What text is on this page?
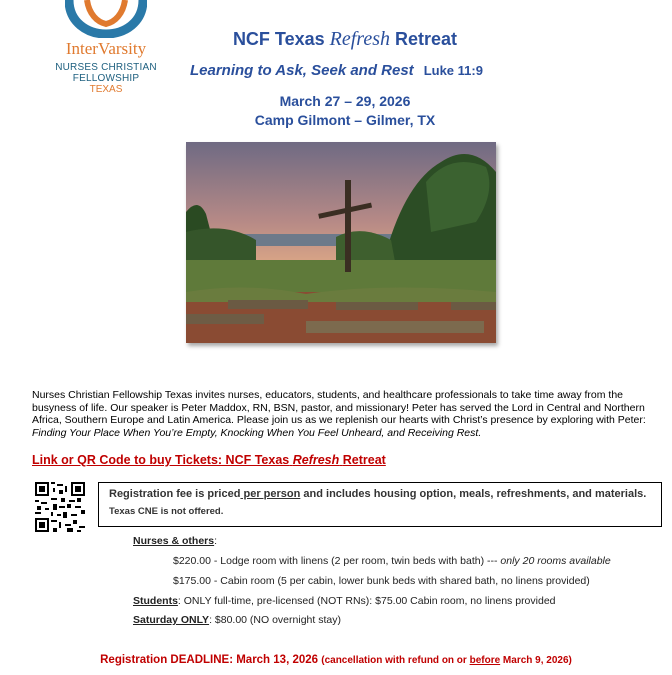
InterVarsity
NURSES CHRISTIAN
FELLOWSHIP
TEXAS
NCF Texas Refresh Retreat
Learning to Ask, Seek and Rest Luke 11:9
March 27 – 29, 2026
Camp Gilmont – Gilmer, TX
Nurses Christian Fellowship Texas invites nurses, educators, students, and healthcare professionals to take time away from the busyness of life. Our speaker is Peter Maddox, RN, BSN, pastor, and missionary! Peter has served the Lord in Central and Northern Africa, Southern Europe and Latin America. Please join us as we replenish our hearts with Christ’s presence by exploring with Peter: Finding Your Place When You’re Empty, Knocking When You Feel Unheard, and Receiving Rest.
Link or QR Code to buy Tickets: NCF Texas Refresh Retreat
Registration fee is priced per person and includes housing option, meals, refreshments, and materials.
Texas CNE is not offered.
Nurses & others:
$220.00 - Lodge room with linens (2 per room, twin beds with bath) --- only 20 rooms available
$175.00 - Cabin room (5 per cabin, lower bunk beds with shared bath, no linens provided)
Students: ONLY full-time, pre-licensed (NOT RNs): $75.00 Cabin room, no linens provided
Saturday ONLY: $80.00 (NO overnight stay)
Registration DEADLINE: March 13, 2026 (cancellation with refund on or before March 9, 2026)
